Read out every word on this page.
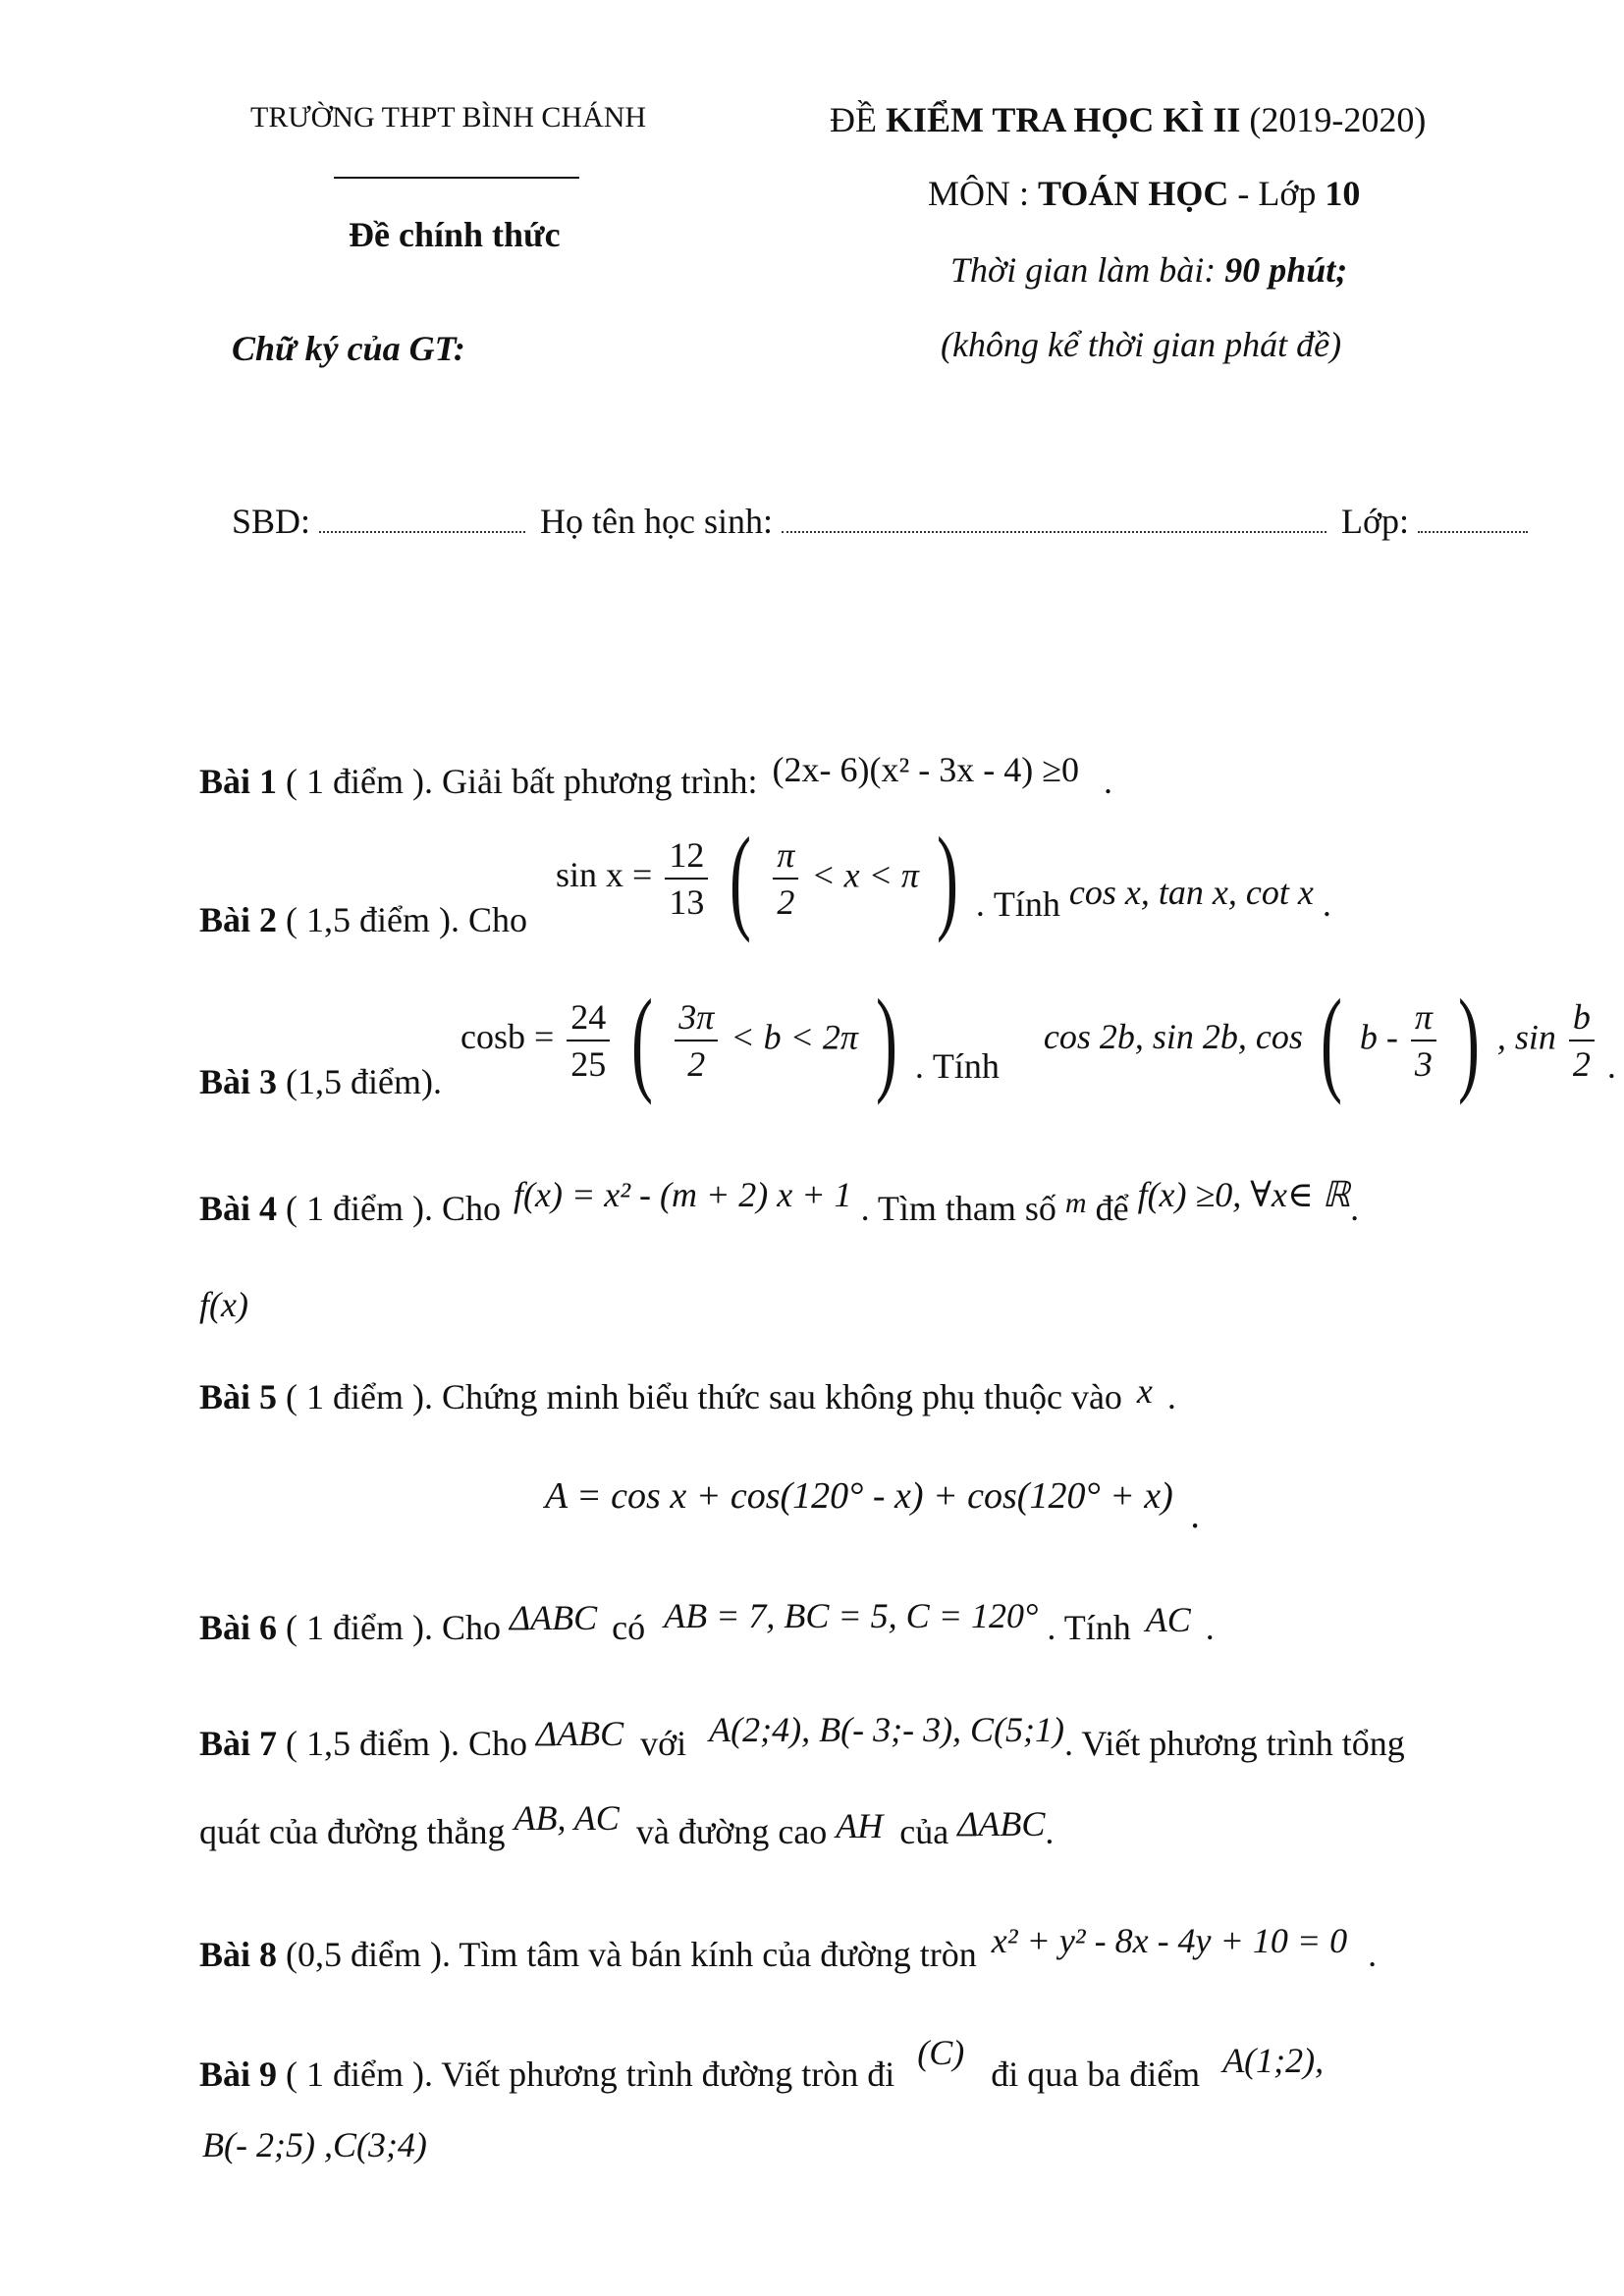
TRƯỜNG THPT BÌNH CHÁNH
Đề chính thức
Chữ ký của GT:
ĐỀ KIỂM TRA HỌC KÌ II (2019-2020)
MÔN : TOÁN HỌC - Lớp 10
Thời gian làm bài: 90 phút;
(không kể thời gian phát đề)
SBD:	Họ tên học sinh:	Lớp:
Bài 1 ( 1 điểm ). Giải bất phương trình: (2x- 6)(x² - 3x - 4) ≥0 .
Bài 2 ( 1,5 điểm ). Cho $\sin x = \frac{12}{13}$ ( $\frac{\pi}{2} < x < \pi$ ) . Tính cos x, tan x, cot x .
Bài 3 (1,5 điểm). $\cos b = \frac{24}{25}$ ( $\frac{3\pi}{2} < b < 2\pi$ ) . Tính cos 2b, sin 2b, cos ( b - $\frac{\pi}{3}$ ) , $\sin \frac{b}{2}$ .
Bài 4 ( 1 điểm ). Cho f(x) = x² - (m + 2) x + 1 . Tìm tham số $^m$ để f(x) ≥0, ∀x∈ ℝ.
f(x)
Bài 5 ( 1 điểm ). Chứng minh biểu thức sau không phụ thuộc vào x .
A = cos x + cos(120° - x) + cos(120° + x) .
Bài 6 ( 1 điểm ). Cho ΔABC có AB = 7, BC = 5, C = 120° . Tính AC .
Bài 7 ( 1,5 điểm ). Cho ΔABC với A(2;4), B(- 3;- 3), C(5;1). Viết phương trình tổng
quát của đường thẳng AB, AC và đường cao AH của ΔABC.
Bài 8 (0,5 điểm ). Tìm tâm và bán kính của đường tròn x² + y² - 8x - 4y + 10 = 0 .
Bài 9 ( 1 điểm ). Viết phương trình đường tròn đi (C) đi qua ba điểm A(1;2),
B(- 2;5) ,C(3;4)
